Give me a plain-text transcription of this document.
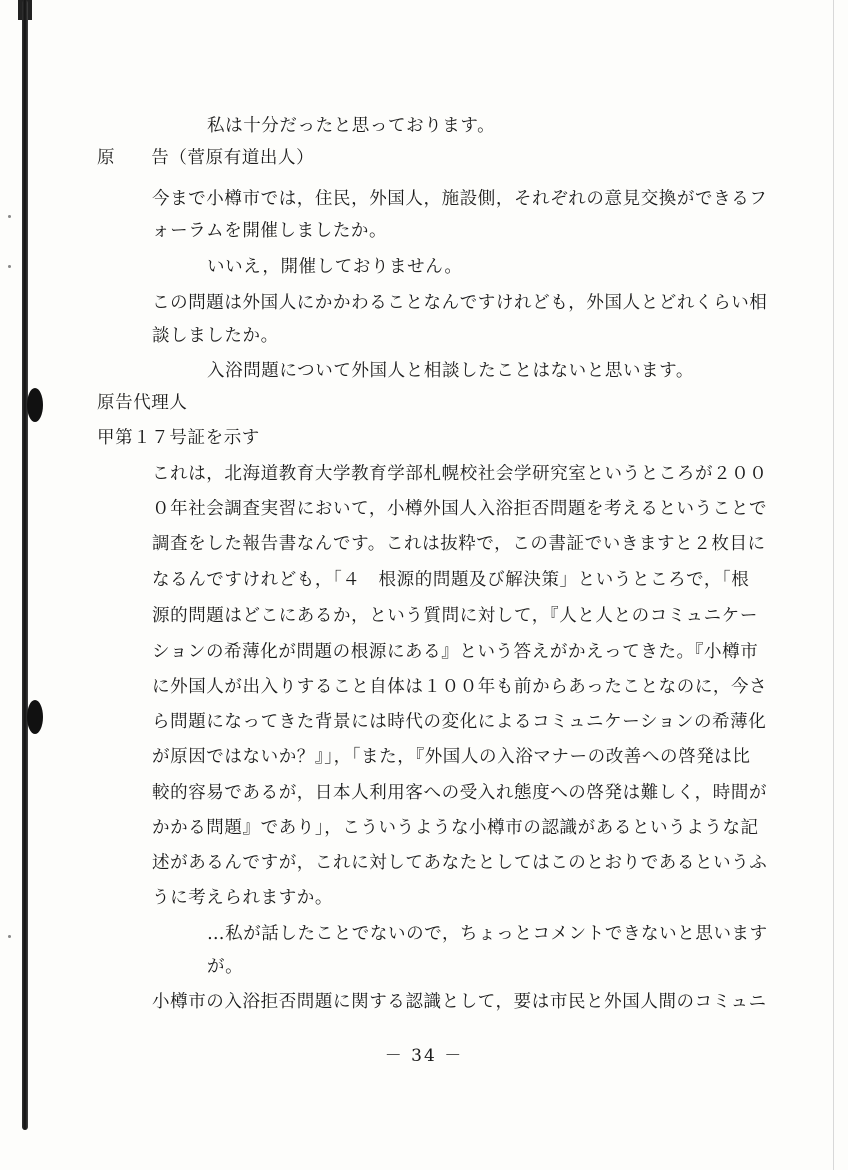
私は十分だったと思っております。
原　　告（菅原有道出人）
今まで小樽市では，住民，外国人，施設側，それぞれの意見交換ができるフ
ォーラムを開催しましたか。
いいえ，開催しておりません。
この問題は外国人にかかわることなんですけれども，外国人とどれくらい相
談しましたか。
入浴問題について外国人と相談したことはないと思います。
原告代理人
甲第１７号証を示す
これは，北海道教育大学教育学部札幌校社会学研究室というところが２００
０年社会調査実習において，小樽外国人入浴拒否問題を考えるということで
調査をした報告書なんです。これは抜粋で，この書証でいきますと２枚目に
なるんですけれども，「４　根源的問題及び解決策」というところで，「根
源的問題はどこにあるか，という質問に対して，『人と人とのコミュニケー
ションの希薄化が問題の根源にある』という答えがかえってきた。『小樽市
に外国人が出入りすること自体は１００年も前からあったことなのに，今さ
ら問題になってきた背景には時代の変化によるコミュニケーションの希薄化
が原因ではないか？』」，「また，『外国人の入浴マナーの改善への啓発は比
較的容易であるが，日本人利用客への受入れ態度への啓発は難しく，時間が
かかる問題』であり」，こういうような小樽市の認識があるというような記
述があるんですが，これに対してあなたとしてはこのとおりであるというふ
うに考えられますか。
…私が話したことでないので，ちょっとコメントできないと思います
が。
小樽市の入浴拒否問題に関する認識として，要は市民と外国人間のコミュニ
－ 34 －
